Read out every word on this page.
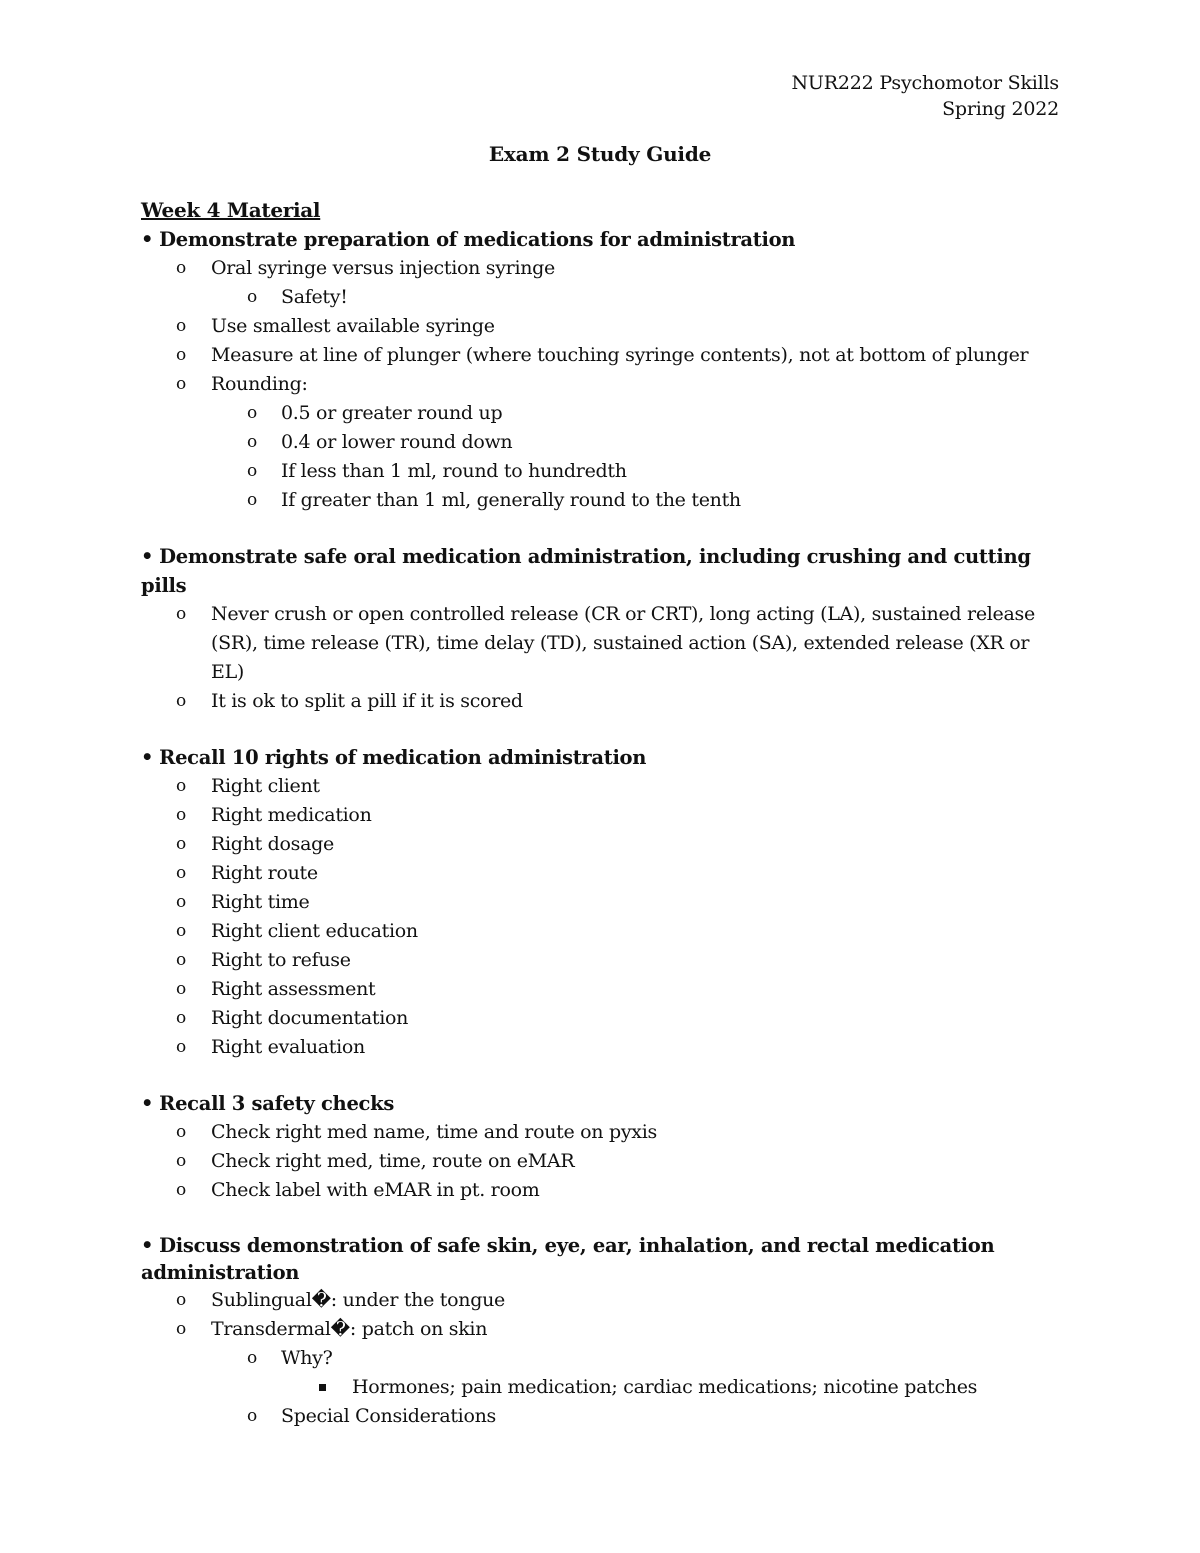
NUR222 Psychomotor Skills
Spring 2022
Exam 2 Study Guide
Week 4 Material
• Demonstrate preparation of medications for administration
o Oral syringe versus injection syringe
o Safety!
o Use smallest available syringe
o Measure at line of plunger (where touching syringe contents), not at bottom of plunger
o Rounding:
o 0.5 or greater round up
o 0.4 or lower round down
o If less than 1 ml, round to hundredth
o If greater than 1 ml, generally round to the tenth
• Demonstrate safe oral medication administration, including crushing and cutting pills
o Never crush or open controlled release (CR or CRT), long acting (LA), sustained release (SR), time release (TR), time delay (TD), sustained action (SA), extended release (XR or EL)
o It is ok to split a pill if it is scored
• Recall 10 rights of medication administration
o Right client
o Right medication
o Right dosage
o Right route
o Right time
o Right client education
o Right to refuse
o Right assessment
o Right documentation
o Right evaluation
• Recall 3 safety checks
o Check right med name, time and route on pyxis
o Check right med, time, route on eMAR
o Check label with eMAR in pt. room
• Discuss demonstration of safe skin, eye, ear, inhalation, and rectal medication administration
o Sublingual�: under the tongue
o Transdermal�: patch on skin
o Why?
Hormones; pain medication; cardiac medications; nicotine patches
o Special Considerations
